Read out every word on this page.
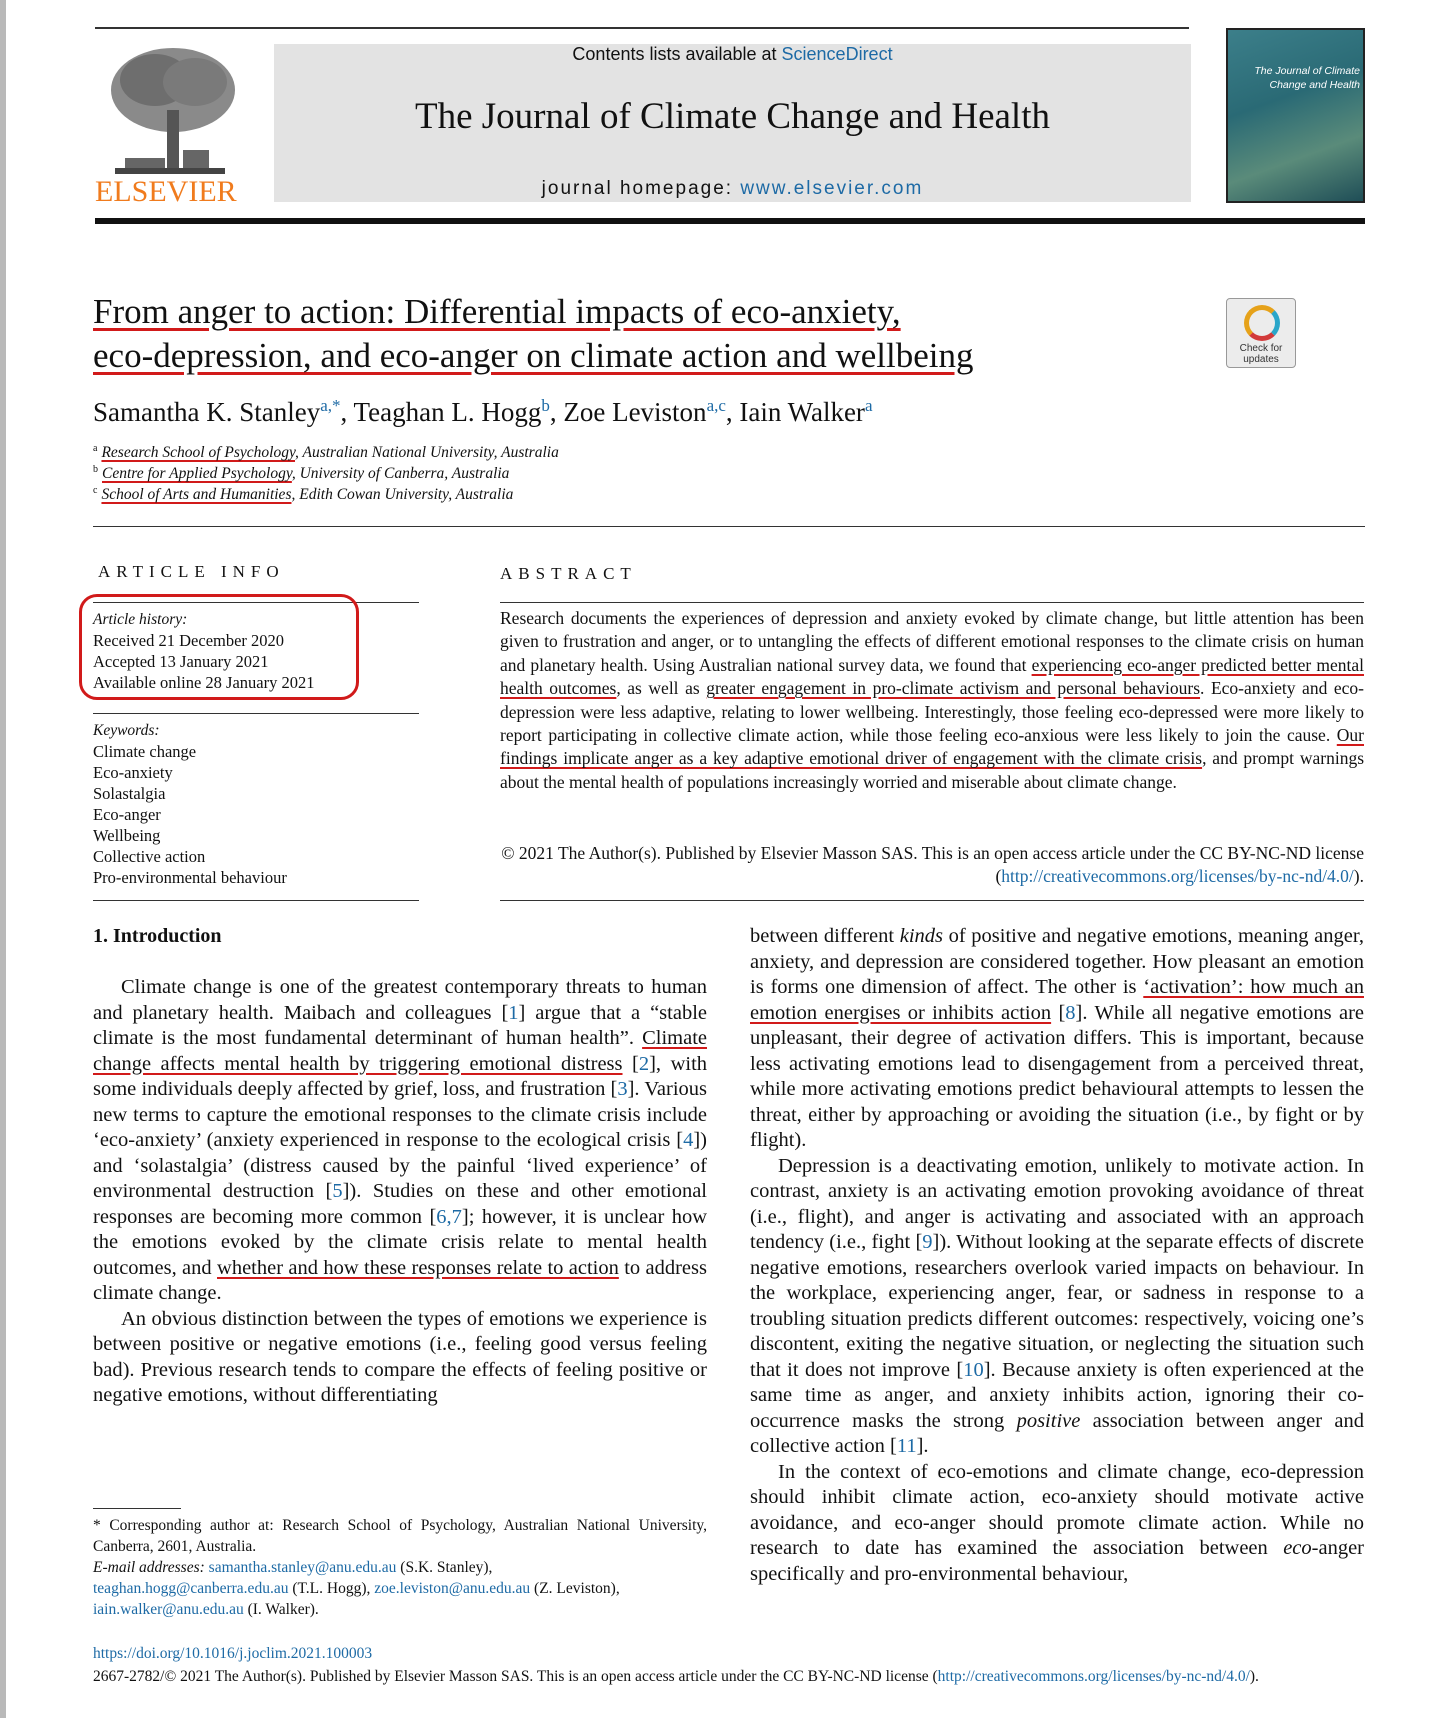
ELSEVIER
Contents lists available at ScienceDirect
The Journal of Climate Change and Health
journal homepage: www.elsevier.com
The Journal of Climate Change and Health
From anger to action: Differential impacts of eco-anxiety,
eco-depression, and eco-anger on climate action and wellbeing	Check for updates
Samantha K. Stanley$^{a,*}$, Teaghan L. Hogg$^b$, Zoe Leviston$^{a,c}$, Iain Walker$^a$
$^a$ Research School of Psychology, Australian National University, Australia
$^b$ Centre for Applied Psychology, University of Canberra, Australia
$^c$ School of Arts and Humanities, Edith Cowan University, Australia
ARTICLE INFO
Article history:
Received 21 December 2020
Accepted 13 January 2021
Available online 28 January 2021
Keywords:
Climate change
Eco-anxiety
Solastalgia
Eco-anger
Wellbeing
Collective action
Pro-environmental behaviour
ABSTRACT
Research documents the experiences of depression and anxiety evoked by climate change, but little attention has been given to frustration and anger, or to untangling the effects of different emotional responses to the climate crisis on human and planetary health. Using Australian national survey data, we found that experiencing eco-anger predicted better mental health outcomes, as well as greater engagement in pro-climate activism and personal behaviours. Eco-anxiety and eco-depression were less adaptive, relating to lower wellbeing. Interestingly, those feeling eco-depressed were more likely to report participating in collective climate action, while those feeling eco-anxious were less likely to join the cause. Our findings implicate anger as a key adaptive emotional driver of engagement with the climate crisis, and prompt warnings about the mental health of populations increasingly worried and miserable about climate change.
© 2021 The Author(s). Published by Elsevier Masson SAS. This is an open access article under the CC BY-NC-ND license (http://creativecommons.org/licenses/by-nc-nd/4.0/).
1. Introduction

Climate change is one of the greatest contemporary threats to human and planetary health. Maibach and colleagues [1] argue that a “stable climate is the most fundamental determinant of human health”. Climate change affects mental health by triggering emotional distress [2], with some individuals deeply affected by grief, loss, and frustration [3]. Various new terms to capture the emotional responses to the climate crisis include ‘eco-anxiety’ (anxiety experienced in response to the ecological crisis [4]) and ‘solastalgia’ (distress caused by the painful ‘lived experience’ of environmental destruction [5]). Studies on these and other emotional responses are becoming more common [6,7]; however, it is unclear how the emotions evoked by the climate crisis relate to mental health outcomes, and whether and how these responses relate to action to address climate change.

An obvious distinction between the types of emotions we experience is between positive or negative emotions (i.e., feeling good versus feeling bad). Previous research tends to compare the effects of feeling positive or negative emotions, without differentiating

between different kinds of positive and negative emotions, meaning anger, anxiety, and depression are considered together. How pleasant an emotion is forms one dimension of affect. The other is ‘activation’: how much an emotion energises or inhibits action [8]. While all negative emotions are unpleasant, their degree of activation differs. This is important, because less activating emotions lead to disengagement from a perceived threat, while more activating emotions predict behavioural attempts to lessen the threat, either by approaching or avoiding the situation (i.e., by fight or by flight).

Depression is a deactivating emotion, unlikely to motivate action. In contrast, anxiety is an activating emotion provoking avoidance of threat (i.e., flight), and anger is activating and associated with an approach tendency (i.e., fight [9]). Without looking at the separate effects of discrete negative emotions, researchers overlook varied impacts on behaviour. In the workplace, experiencing anger, fear, or sadness in response to a troubling situation predicts different outcomes: respectively, voicing one’s discontent, exiting the negative situation, or neglecting the situation such that it does not improve [10]. Because anxiety is often experienced at the same time as anger, and anxiety inhibits action, ignoring their co-occurrence masks the strong positive association between anger and collective action [11].

In the context of eco-emotions and climate change, eco-depression should inhibit climate action, eco-anxiety should motivate active avoidance, and eco-anger should promote climate action. While no research to date has examined the association between eco-anger specifically and pro-environmental behaviour,

* Corresponding author at: Research School of Psychology, Australian National University, Canberra, 2601, Australia.
E-mail addresses: samantha.stanley@anu.edu.au (S.K. Stanley),
teaghan.hogg@canberra.edu.au (T.L. Hogg), zoe.leviston@anu.edu.au (Z. Leviston),
iain.walker@anu.edu.au (I. Walker).
https://doi.org/10.1016/j.joclim.2021.100003
2667-2782/© 2021 The Author(s). Published by Elsevier Masson SAS. This is an open access article under the CC BY-NC-ND license (http://creativecommons.org/licenses/by-nc-nd/4.0/).
